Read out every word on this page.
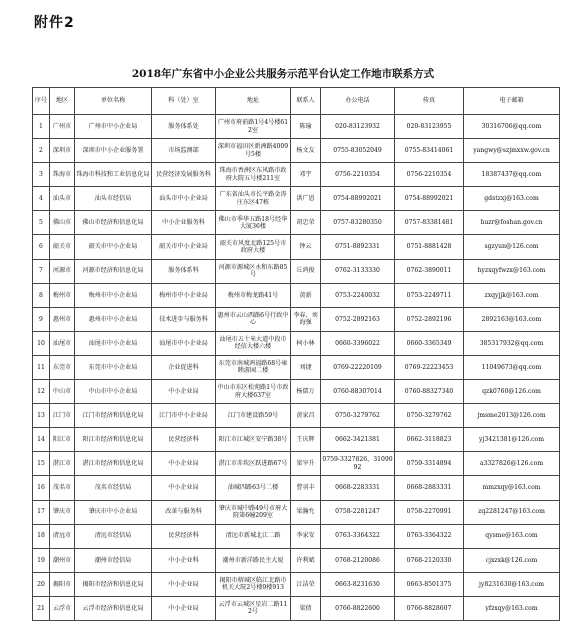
附件2
2018年广东省中小企业公共服务示范平台认定工作地市联系方式
序号	地区	单位名称	科（处）室	地址	联系人	办公电话	传真	电子邮箱
1	广州市	广州市中小企业局	服务体系处	广州市府前路1号4号楼612室	陈瑜	020-83123932	020-83123955	30316706@qq.com
2	深圳市	深圳市中小企业服务署	市场监测部	深圳市福田区新洲路4009号5楼	杨文友	0755-83052049	0755-83414061	yangwy@szjmxxw.gov.cn
3	珠海市	珠海市科技和工业信息化局	民营经济发展服务科	珠海市香洲区东风路市政府大院五号楼211室	邓宇	0756-2210354	0756-2210354	18387437@qq.com
4	汕头市	汕头市经信局	汕头市中小企业局	广东省汕头市长平路金涛庄东区47栋	洪广恩	0754-88992021	0754-88992021	gdstzxj@163.com
5	佛山市	佛山市经济和信息化局	中小企业服务科	佛山市季华五路18号经华大厦36楼	胡忠荣	0757-83280350	0757-83381481	huzr@foshan.gov.cn
6	韶关市	韶关市中小企业局	韶关市中小企业局	韶关市风度北路125号市政府大楼	钟云	0751-8892331	0751-8881428	sgzyun@126.com
7	河源市	河源市经济和信息化局	服务体系科	河源市源城区永和东路85号	丘鸿俊	0762-3133330	0762-3890011	hyzxqyfwzx@163.com
8	梅州市	梅州市中小企业局	梅州市中小企业局	梅州市梅龙路41号	黄新	0753-2240032	0753-2249711	zxqyjjk@163.com
9	惠州市	惠州市中小企业局	技术进步与服务科	惠州市云山西路6号行政中心	李春、刘海强	0752-2892163	0752-2892196	2892163@163.com
10	汕尾市	汕尾市中小企业局	汕尾市中小企业局	汕尾市五十米大道中段市经信大楼六楼	柯小林	0660-3396022	0660-3365349	385317932@qq.com
11	东莞市	东莞市中小企业局	企业促进科	东莞市南城鸿福路68号雍睦游园二楼	刘捷	0769-22220109	0769-22223453	11049673@qq.com
12	中山市	中山市中小企业局	中小企业局	中山市东区松苑路1号市政府大楼637室	杨儒万	0760-88307014	0760-88327340	qzk0760@126.com
13	江门市	江门市经济和信息化局	江门市中小企业局	江门市建设路59号	黄家昌	0750-3279762	0750-3279762	jmsme2013@126.com
14	阳江市	阳江市经济和信息化局	民营经济科	阳江市江城区安宁路38号	王庆辉	0662-3421381	0662-3118823	yj3421381@126.com
15	湛江市	湛江市经济和信息化局	中小企业局	湛江市赤坎区跃进路67号	梁宰升	0759-3327826、3109092	0759-3314894	a3327826@126.com
16	茂名市	茂名市经信局	中小企业局	油城四路63号二楼	曹羽丰	0668-2283331	0668-2883331	mmzxqy@163.com
17	肇庆市	肇庆市中小企业局	改革与服务科	肇庆市城中路49号市府大院第6幢209室	梁瀚允	0758-2281247	0758-2270991	zq2281247@163.com
18	清远市	清远市经信局	民营经济科	清远市新城北江二路	李家安	0763-3364322	0763-3364322	qysme@163.com
19	潮州市	潮州市经信局	中小企业科	潮州市新洋路民主大厦	许利斌	0768-2120086	0768-2120330	cjxzxk@126.com
20	揭阳市	揭阳市经济和信息化局	中小企业局	揭阳市榕城区临江北路市机关大院2号楼9楼913	江洁荣	0663-8231630	0663-8501375	jy8231630@163.com
21	云浮市	云浮市经济和信息化局	中小企业局	云浮市云城区星岩二路112号	梁倩	0766-8822600	0766-8828607	yfzxqy@163.com
